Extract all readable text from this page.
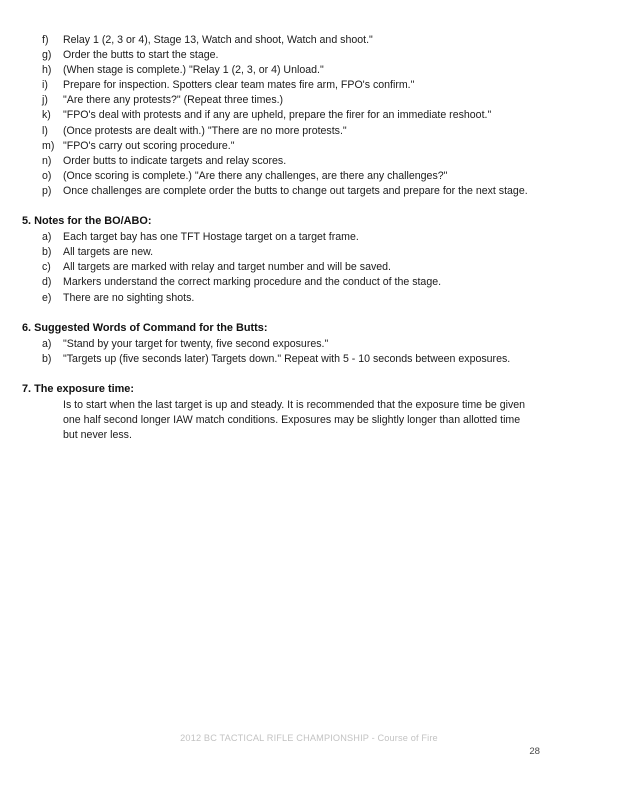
f)	Relay 1 (2, 3 or 4), Stage 13, Watch and shoot, Watch and shoot."
g)	Order the butts to start the stage.
h)	(When stage is complete.) "Relay 1 (2, 3, or 4) Unload."
i)	Prepare for inspection. Spotters clear team mates fire arm, FPO's confirm."
j)	"Are there any protests?" (Repeat three times.)
k)	"FPO's deal with protests and if any are upheld, prepare the firer for an immediate reshoot."
l)	(Once protests are dealt with.) "There are no more protests."
m) "FPO's carry out scoring procedure."
n)	Order butts to indicate targets and relay scores.
o)	(Once scoring is complete.) "Are there any challenges, are there any challenges?"
p)	Once challenges are complete order the butts to change out targets and prepare for the next stage.
5. Notes for the BO/ABO:
a)	Each target bay has one TFT Hostage target on a target frame.
b)	All targets are new.
c)	All targets are marked with relay and target number and will be saved.
d)	Markers understand the correct marking procedure and the conduct of the stage.
e)	There are no sighting shots.
6. Suggested Words of Command for the Butts:
a)	"Stand by your target for twenty, five second exposures."
b)	"Targets up (five seconds later) Targets down." Repeat with 5 - 10 seconds between exposures.
7. The exposure time:

Is to start when the last target is up and steady. It is recommended that the exposure time be given one half second longer IAW match conditions. Exposures may be slightly longer than allotted time but never less.

2012 BC TACTICAL RIFLE CHAMPIONSHIP - Course of Fire
28
